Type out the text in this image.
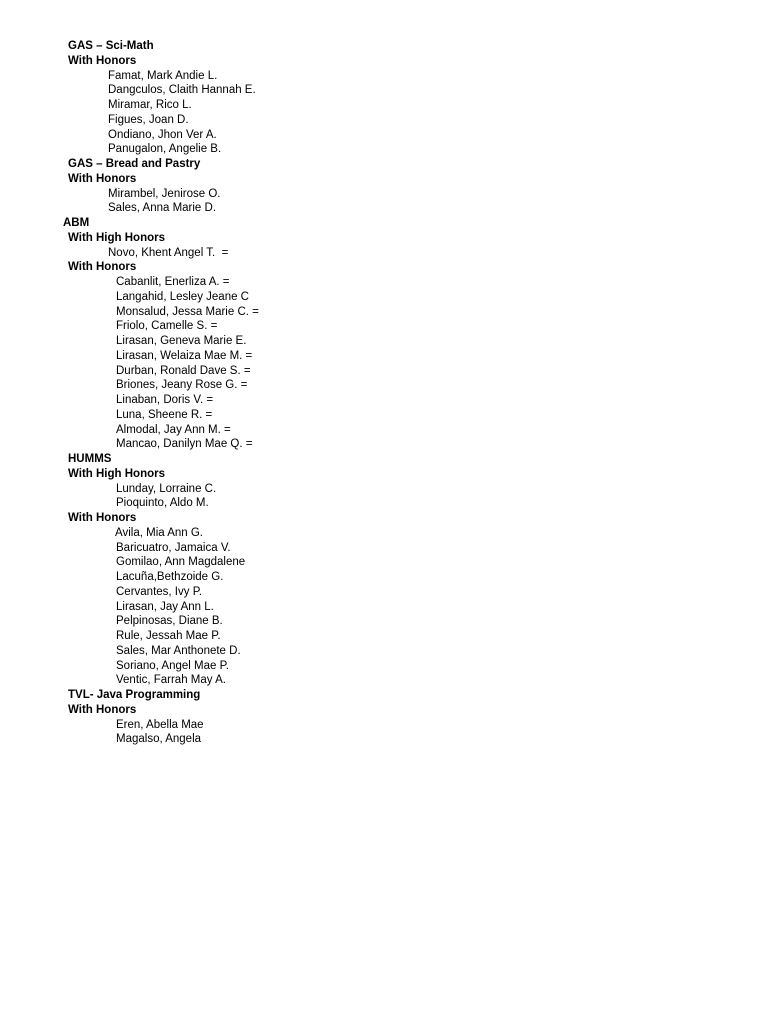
GAS – Sci-Math
With Honors
Famat, Mark Andie L.
Dangculos, Claith Hannah E.
Miramar, Rico L.
Figues, Joan D.
Ondiano, Jhon Ver A.
Panugalon, Angelie B.
GAS – Bread and Pastry
With Honors
Mirambel, Jenirose O.
Sales, Anna Marie D.
ABM
With High Honors
Novo, Khent Angel T.  =
With Honors
Cabanlit, Enerliza A. =
Langahid, Lesley Jeane C
Monsalud, Jessa Marie C. =
Friolo, Camelle S. =
Lirasan, Geneva Marie E.
Lirasan, Welaiza Mae M. =
Durban, Ronald Dave S. =
Briones, Jeany Rose G. =
Linaban, Doris V. =
Luna, Sheene R. =
Almodal, Jay Ann M. =
Mancao, Danilyn Mae Q. =
HUMMS
With High Honors
Lunday, Lorraine C.
Pioquinto, Aldo M.
With Honors
Avila, Mia Ann G.
Baricuatro, Jamaica V.
Gomilao, Ann Magdalene
Lacuña,Bethzoide G.
Cervantes, Ivy P.
Lirasan, Jay Ann L.
Pelpinosas, Diane B.
Rule, Jessah Mae P.
Sales, Mar Anthonete D.
Soriano, Angel Mae P.
Ventic, Farrah May A.
TVL- Java Programming
With Honors
Eren, Abella Mae
Magalso, Angela
